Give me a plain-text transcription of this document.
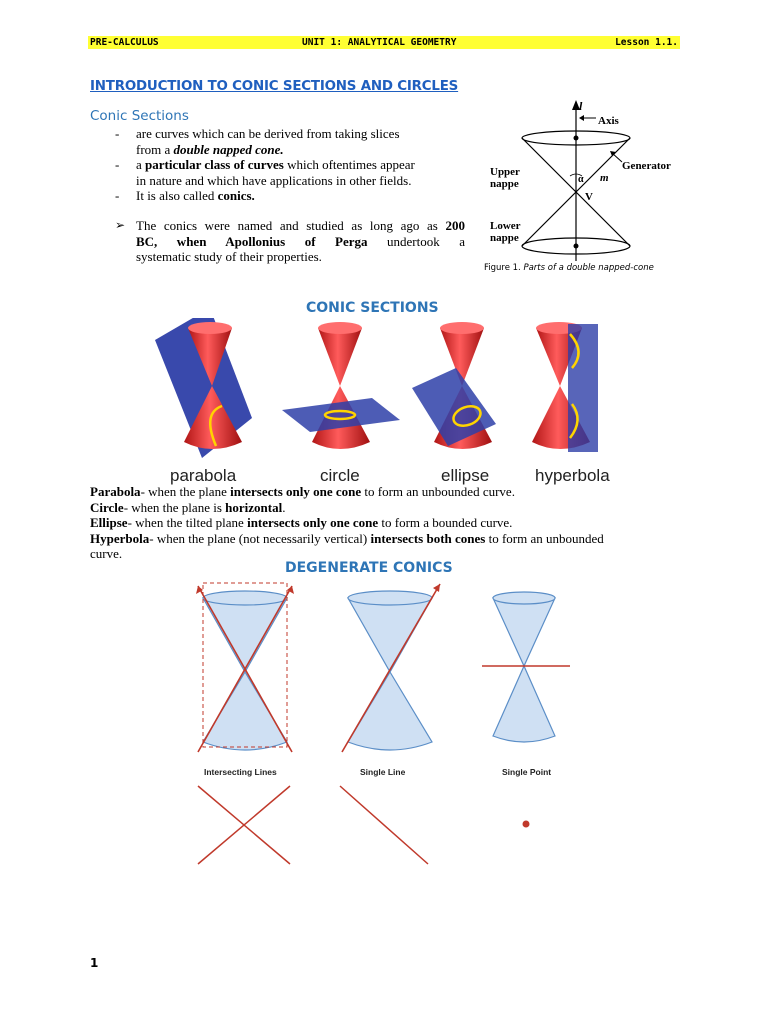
PRE-CALCULUS	UNIT 1: ANALYTICAL GEOMETRY	Lesson 1.1.
INTRODUCTION TO CONIC SECTIONS AND CIRCLES
Conic Sections
- are curves which can be derived from taking slices
from a double napped cone.
- a particular class of curves which oftentimes appear
in nature and which have applications in other fields.
- It is also called conics.
➢ The conics were named and studied as long ago as 200
BC, when Apollonius of Perga undertook a
systematic study of their properties.
Upper
nappe
l
Axis
m
Generator
α
V
Lower
nappe
Figure 1. Parts of a double napped-cone
CONIC SECTIONS
parabola	circle	ellipse	hyperbola
Parabola- when the plane intersects only one cone to form an unbounded curve.
Circle- when the plane is horizontal.
Ellipse- when the tilted plane intersects only one cone to form a bounded curve.
Hyperbola- when the plane (not necessarily vertical) intersects both cones to form an unbounded
curve.
DEGENERATE CONICS
Intersecting Lines	Single Line	Single Point
1
